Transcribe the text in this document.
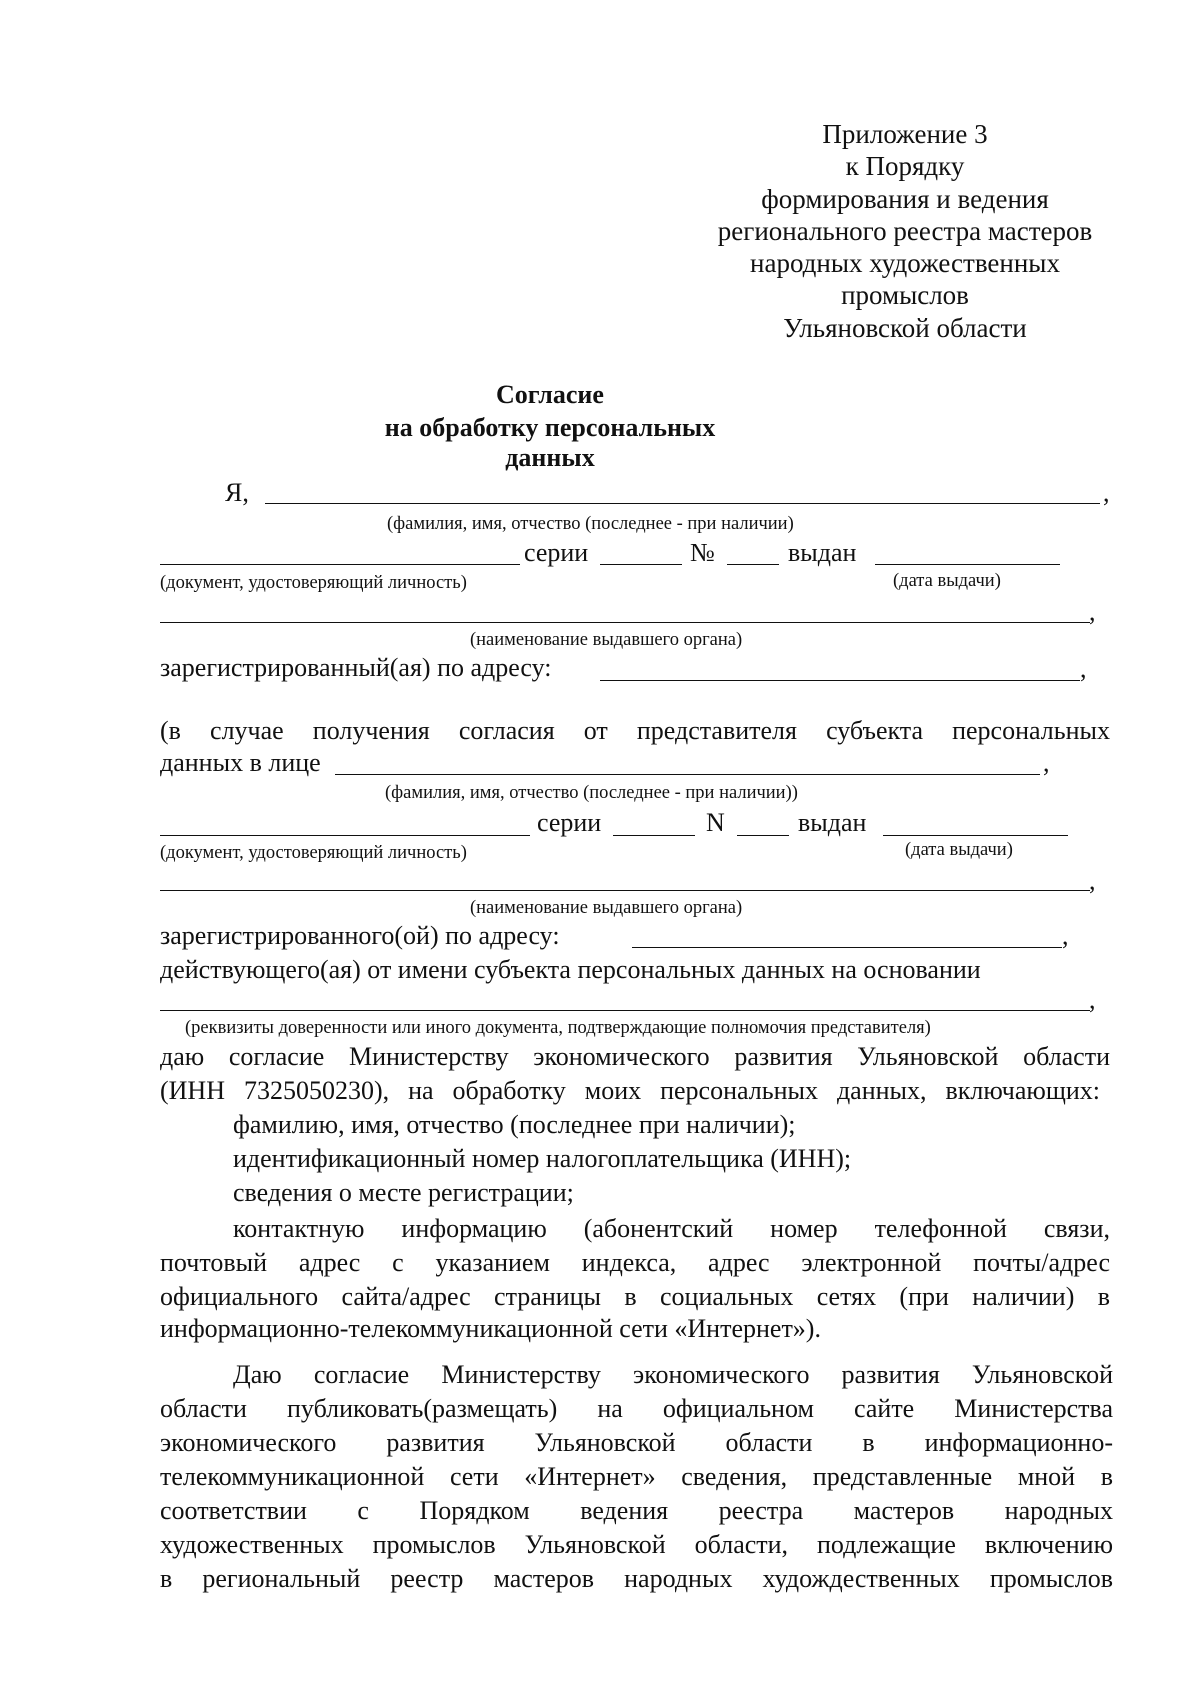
Приложение 3
к Порядку
формирования и ведения
регионального реестра мастеров
народных художественных
промыслов
Ульяновской области
Согласие
на обработку персональных данных
Я,	,
(фамилия, имя, отчество (последнее - при наличии)
серии	№	выдан
(документ, удостоверяющий личность)	(дата выдачи)
,
(наименование выдавшего органа)
зарегистрированный(ая) по адресу:	,
(в случае получения согласия от представителя субъекта персональных
данных в лице	,
(фамилия, имя, отчество (последнее - при наличии))
серии	N	выдан
(документ, удостоверяющий личность)	(дата выдачи)
,
(наименование выдавшего органа)
зарегистрированного(ой) по адресу:	,
действующего(ая) от имени субъекта персональных данных на основании
,
(реквизиты доверенности или иного документа, подтверждающие полномочия представителя)
даю согласие Министерству экономического развития Ульяновской области
(ИНН 7325050230), на обработку моих персональных данных, включающих:
фамилию, имя, отчество (последнее при наличии);
идентификационный номер налогоплательщика (ИНН);
сведения о месте регистрации;
контактную информацию (абонентский номер телефонной связи,
почтовый адрес с указанием индекса, адрес электронной почты/адрес
официального сайта/адрес страницы в социальных сетях (при наличии) в
информационно-телекоммуникационной сети «Интернет»).
Даю согласие Министерству экономического развития Ульяновской
области публиковать(размещать) на официальном сайте Министерства
экономического развития Ульяновской области в информационно-
телекоммуникационной сети «Интернет» сведения, представленные мной в
соответствии с Порядком ведения реестра мастеров народных
художественных промыслов Ульяновской области, подлежащие включению
в региональный реестр мастеров народных худождественных промыслов
